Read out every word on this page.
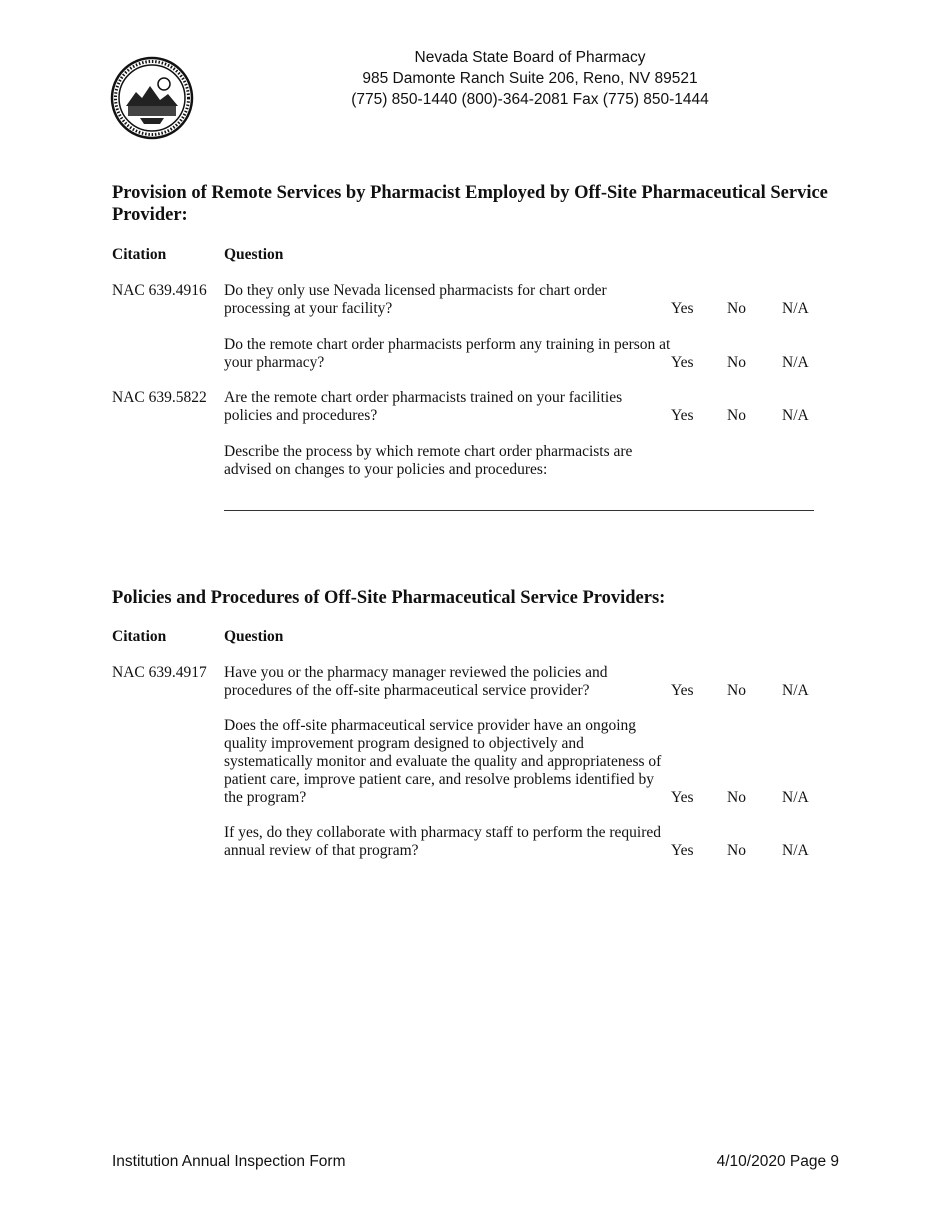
Nevada State Board of Pharmacy
985 Damonte Ranch Suite 206, Reno, NV 89521
(775) 850-1440 (800)-364-2081 Fax (775) 850-1444
Provision of Remote Services by Pharmacist Employed by Off-Site Pharmaceutical Service Provider:
Citation	Question
NAC 639.4916 Do they only use Nevada licensed pharmacists for chart order processing at your facility?	Yes No N/A
Do the remote chart order pharmacists perform any training in person at your pharmacy?	Yes No N/A
NAC 639.5822 Are the remote chart order pharmacists trained on your facilities policies and procedures?	Yes No N/A
Describe the process by which remote chart order pharmacists are advised on changes to your policies and procedures:
Policies and Procedures of Off-Site Pharmaceutical Service Providers:
Citation	Question
NAC 639.4917 Have you or the pharmacy manager reviewed the policies and procedures of the off-site pharmaceutical service provider?	Yes No N/A
Does the off-site pharmaceutical service provider have an ongoing quality improvement program designed to objectively and systematically monitor and evaluate the quality and appropriateness of patient care, improve patient care, and resolve problems identified by the program?	Yes No N/A
If yes, do they collaborate with pharmacy staff to perform the required annual review of that program?	Yes No N/A
Institution Annual Inspection Form	4/10/2020 Page 9
